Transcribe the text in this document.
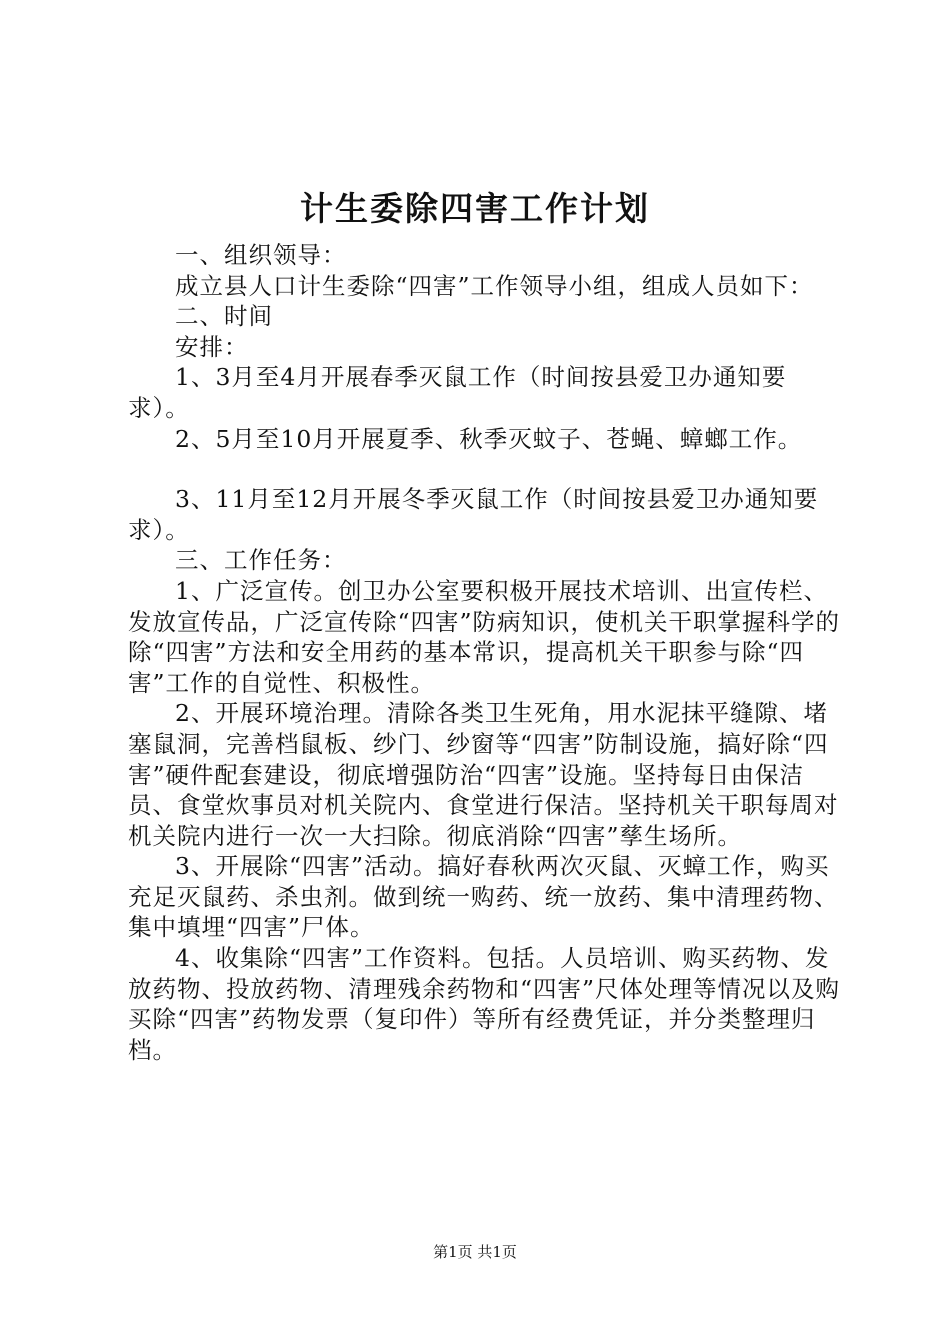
计生委除四害工作计划

一、组织领导：

成立县人口计生委除“四害”工作领导小组，组成人员如下：

二、时间

安排：

1、3月至4月开展春季灭鼠工作（时间按县爱卫办通知要求）。

2、5月至10月开展夏季、秋季灭蚊子、苍蝇、蟑螂工作。

3、11月至12月开展冬季灭鼠工作（时间按县爱卫办通知要求）。

三、工作任务：

1、广泛宣传。创卫办公室要积极开展技术培训、出宣传栏、发放宣传品，广泛宣传除“四害”防病知识，使机关干职掌握科学的除“四害”方法和安全用药的基本常识，提高机关干职参与除“四害”工作的自觉性、积极性。

2、开展环境治理。清除各类卫生死角，用水泥抹平缝隙、堵塞鼠洞，完善档鼠板、纱门、纱窗等“四害”防制设施，搞好除“四害”硬件配套建设，彻底增强防治“四害”设施。坚持每日由保洁员、食堂炊事员对机关院内、食堂进行保洁。坚持机关干职每周对机关院内进行一次一大扫除。彻底消除“四害”孳生场所。

3、开展除“四害”活动。搞好春秋两次灭鼠、灭蟑工作，购买充足灭鼠药、杀虫剂。做到统一购药、统一放药、集中清理药物、集中填埋“四害”尸体。

4、收集除“四害”工作资料。包括。人员培训、购买药物、发放药物、投放药物、清理残余药物和“四害”尺体处理等情况以及购买除“四害”药物发票（复印件）等所有经费凭证，并分类整理归档。

第1页 共1页
